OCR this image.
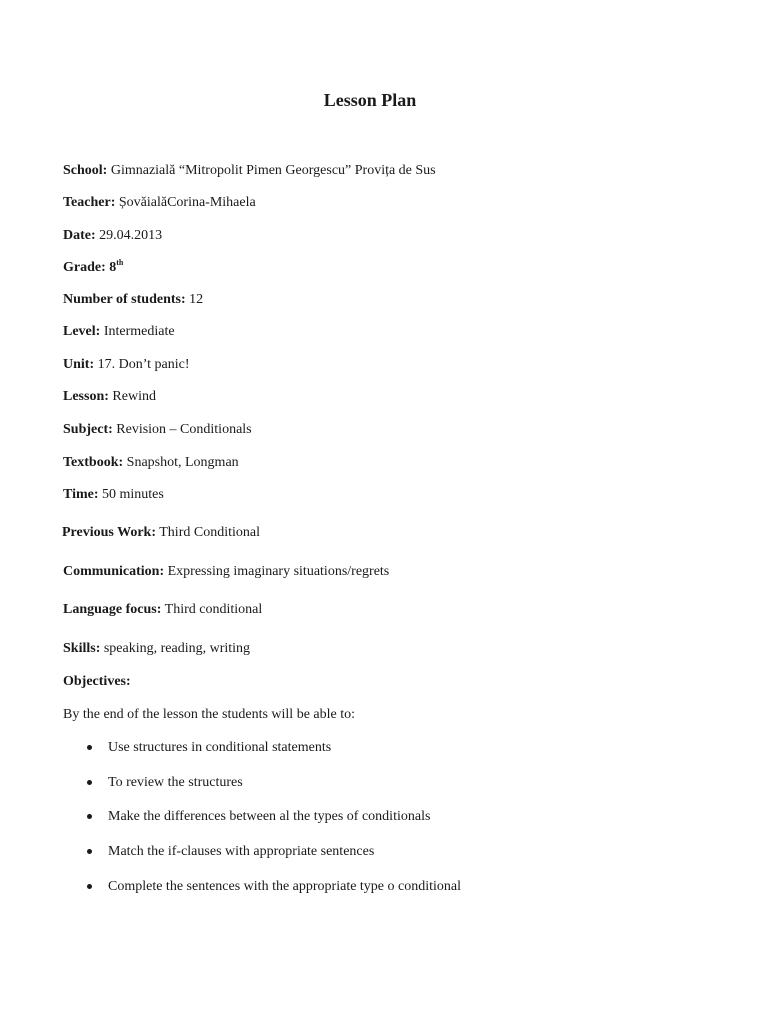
Lesson Plan
School: Gimnazială “Mitropolit Pimen Georgescu” Provița de Sus
Teacher: ȘovăialăCorina-Mihaela
Date: 29.04.2013
Grade: 8th
Number of students: 12
Level: Intermediate
Unit: 17. Don’t panic!
Lesson: Rewind
Subject: Revision – Conditionals
Textbook: Snapshot, Longman
Time: 50 minutes
Previous Work: Third Conditional
Communication: Expressing imaginary situations/regrets
Language focus: Third conditional
Skills: speaking, reading, writing
Objectives:
By the end of the lesson the students will be able to:
Use structures in conditional statements
To review the structures
Make the differences between al the types of conditionals
Match the if-clauses with appropriate sentences
Complete the sentences with the appropriate type o conditional
